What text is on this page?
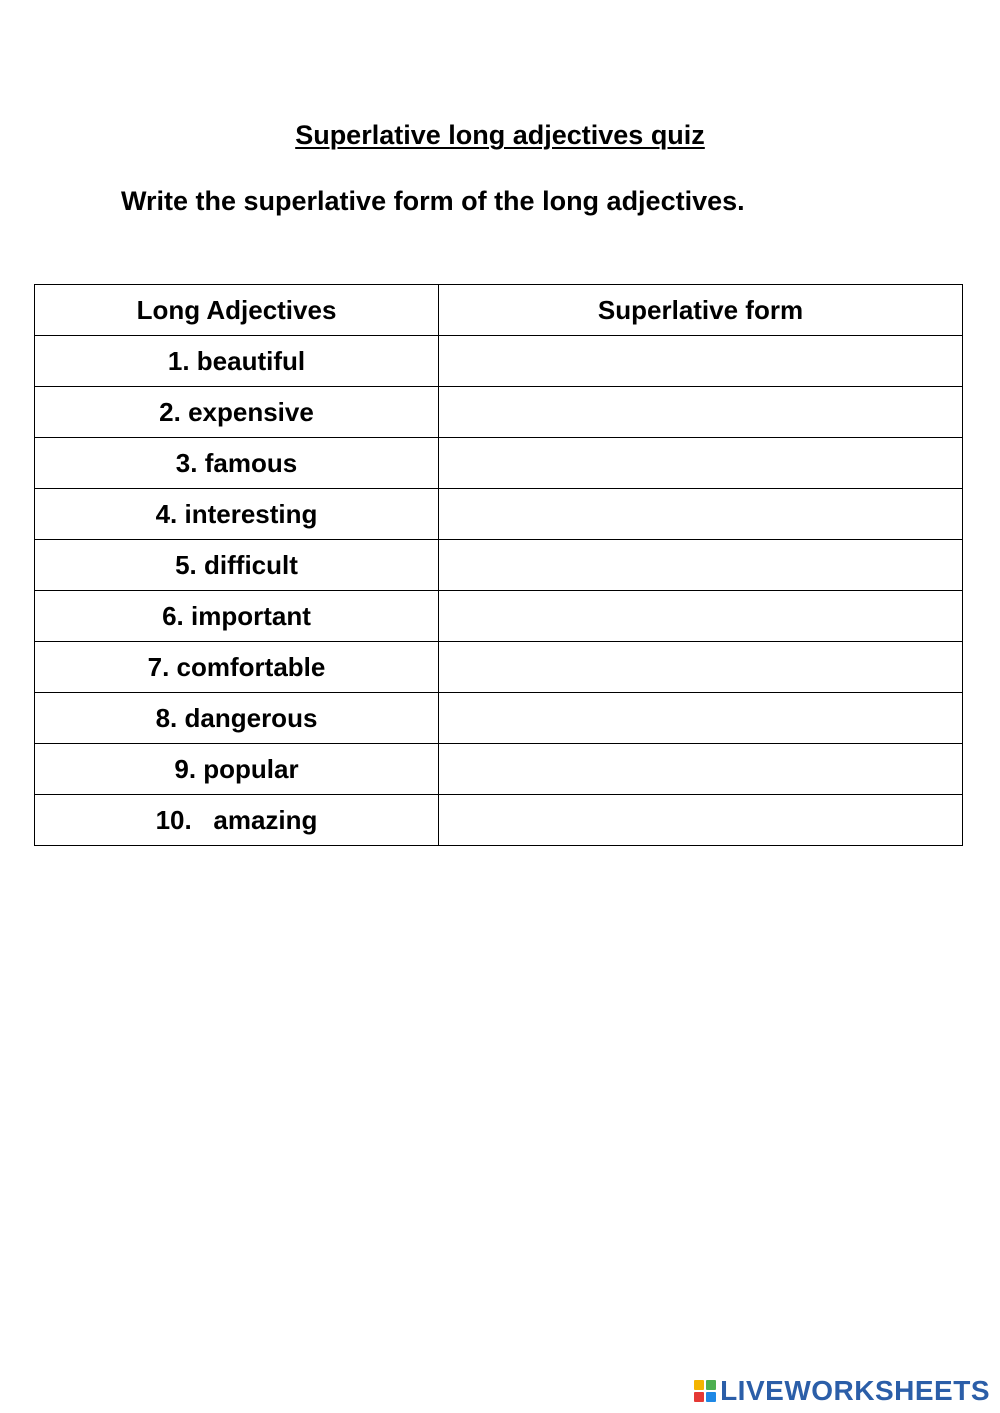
Superlative long adjectives quiz
Write the superlative form of the long adjectives.
Long Adjectives	Superlative form
1. beautiful	
2. expensive	
3. famous	
4. interesting	
5. difficult	
6. important	
7. comfortable	
8. dangerous	
9. popular	
10. amazing	
LIVEWORKSHEETS
